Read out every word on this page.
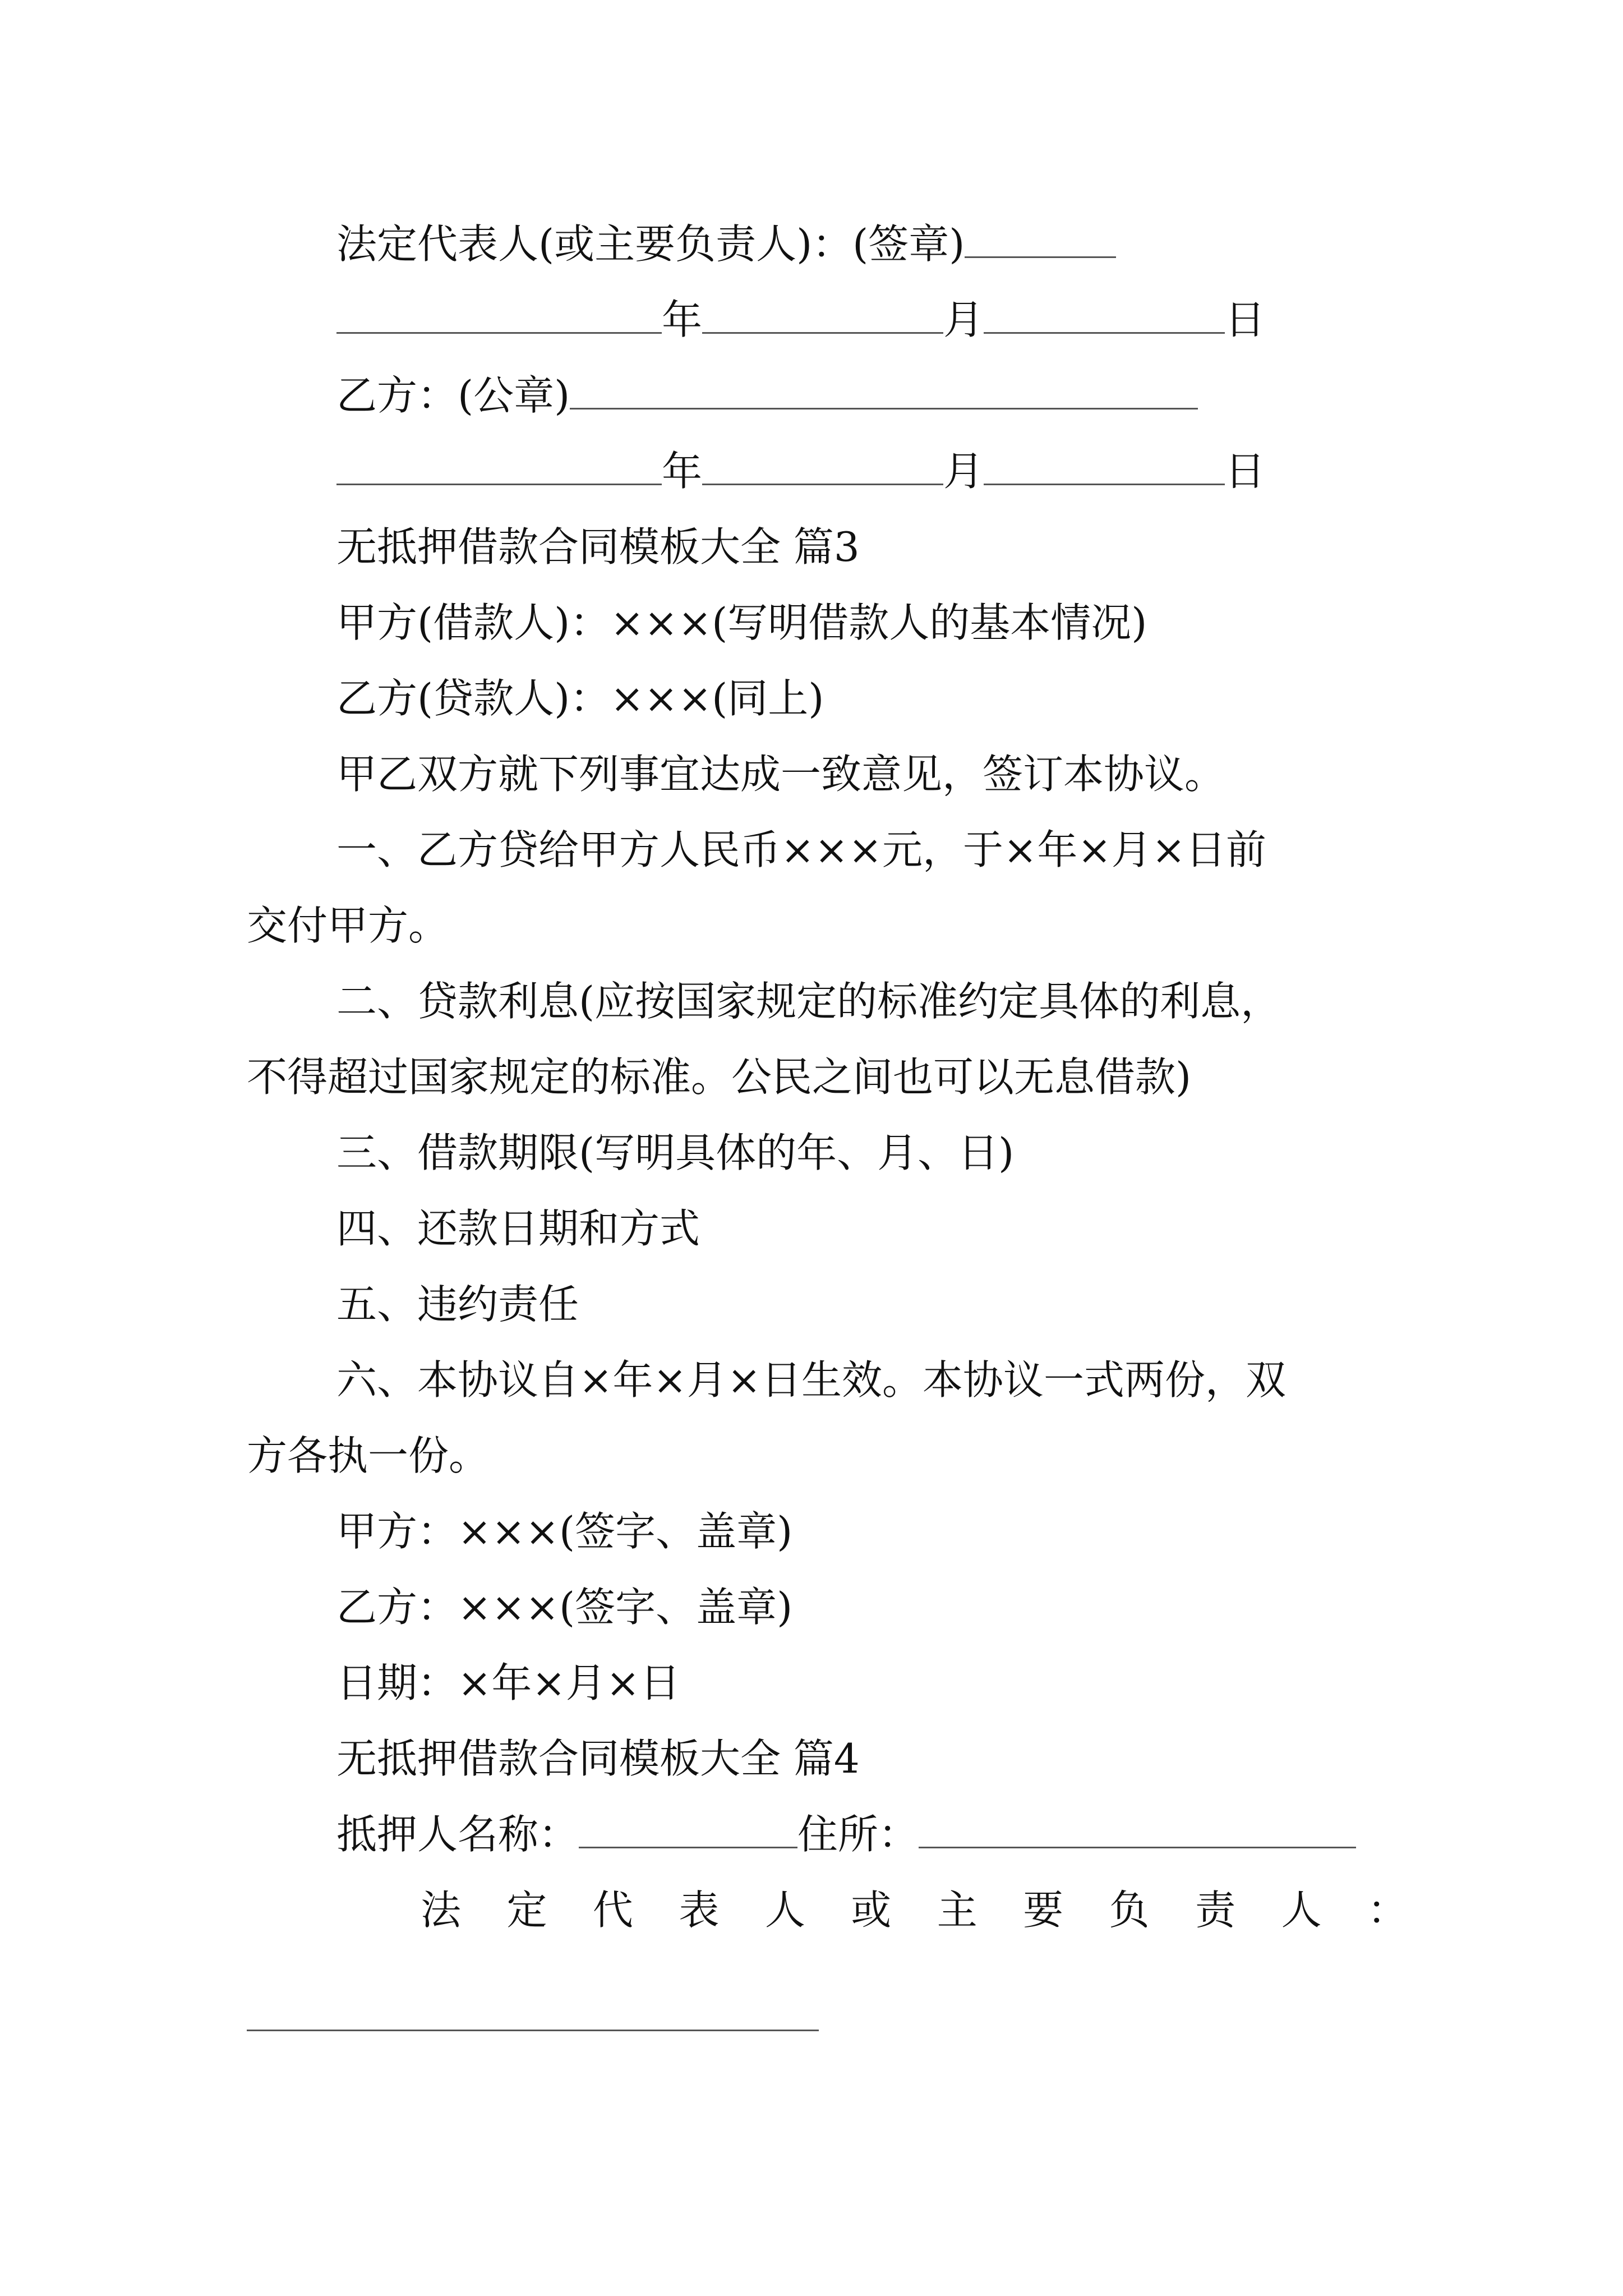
法定代表人(或主要负责人)：(签章)
年	月	日
乙方：(公章)
年	月	日
无抵押借款合同模板大全 篇3
甲方(借款人)：×××(写明借款人的基本情况)
乙方(贷款人)：×××(同上)
甲乙双方就下列事宜达成一致意见，签订本协议。
一、乙方贷给甲方人民币×××元，于×年×月×日前
交付甲方。
二、贷款利息(应按国家规定的标准约定具体的利息，
不得超过国家规定的标准。公民之间也可以无息借款)
三、借款期限(写明具体的年、月、日)
四、还款日期和方式
五、违约责任
六、本协议自×年×月×日生效。本协议一式两份，双
方各执一份。
甲方：×××(签字、盖章)
乙方：×××(签字、盖章)
日期：×年×月×日
无抵押借款合同模板大全 篇4
抵押人名称：	住所：
法 定 代 表 人 或 主 要 负 责 人 ：
